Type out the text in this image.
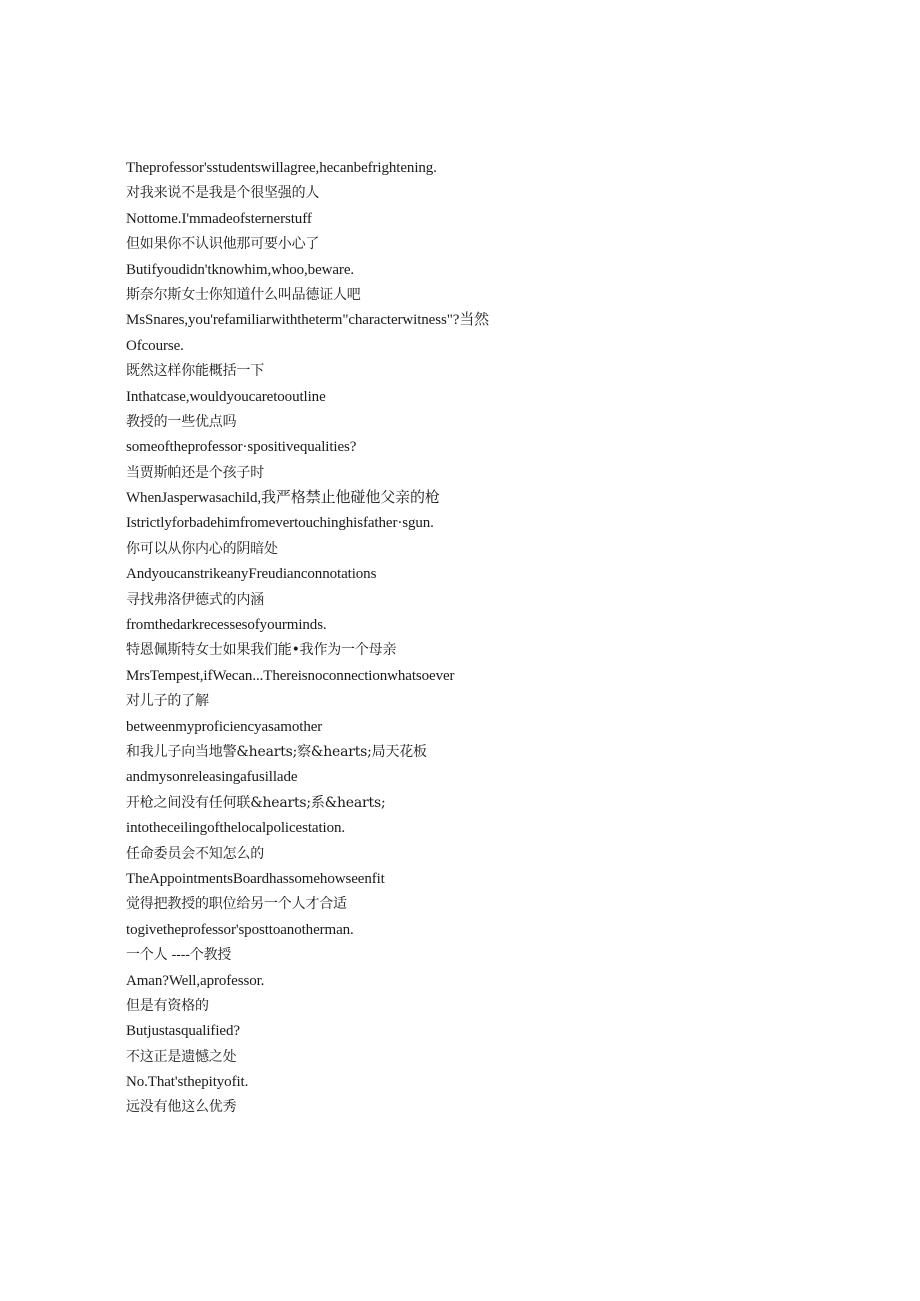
Theprofessor'sstudentswillagree,hecanbefrightening.
对我来说不是我是个很坚强的人
Nottome.I'mmadeofsternerstuff
但如果你不认识他那可要小心了
Butifyoudidn'tknowhim,whoo,beware.
斯奈尔斯女士你知道什么叫品德证人吧
MsSnares,you'refamiliarwiththeterm"characterwitness"?当然
Ofcourse.
既然这样你能概括一下
Inthatcase,wouldyoucaretooutline
教授的一些优点吗
someoftheprofessor·spositivequalities?
当贾斯帕还是个孩子时
WhenJasperwasachild,我严格禁止他碰他父亲的枪
Istrictlyforbadehimfromevertouchinghisfather·sgun.
你可以从你内心的阴暗处
AndyoucanstrikeanyFreudianconnotations
寻找弗洛伊德式的内涵
fromthedarkrecessesofyourminds.
特恩佩斯特女士如果我们能•我作为一个母亲
MrsTempest,ifWecan...Thereisnoconnectionwhatsoever
对儿子的了解
betweenmyproficiencyasamother
和我儿子向当地警&hearts;察&hearts;局天花板
andmysonreleasingafusillade
开枪之间没有任何联&hearts;系&hearts;
intotheceilingofthelocalpolicestation.
任命委员会不知怎么的
TheAppointmentsBoardhassomehowseenfit
觉得把教授的职位给另一个人才合适
togivetheprofessor'sposttoanotherman.
一个人 ----个教授
Aman?Well,aprofessor.
但是有资格的
Butjustasqualified?
不这正是遗憾之处
No.That'sthepityofit.
远没有他这么优秀
